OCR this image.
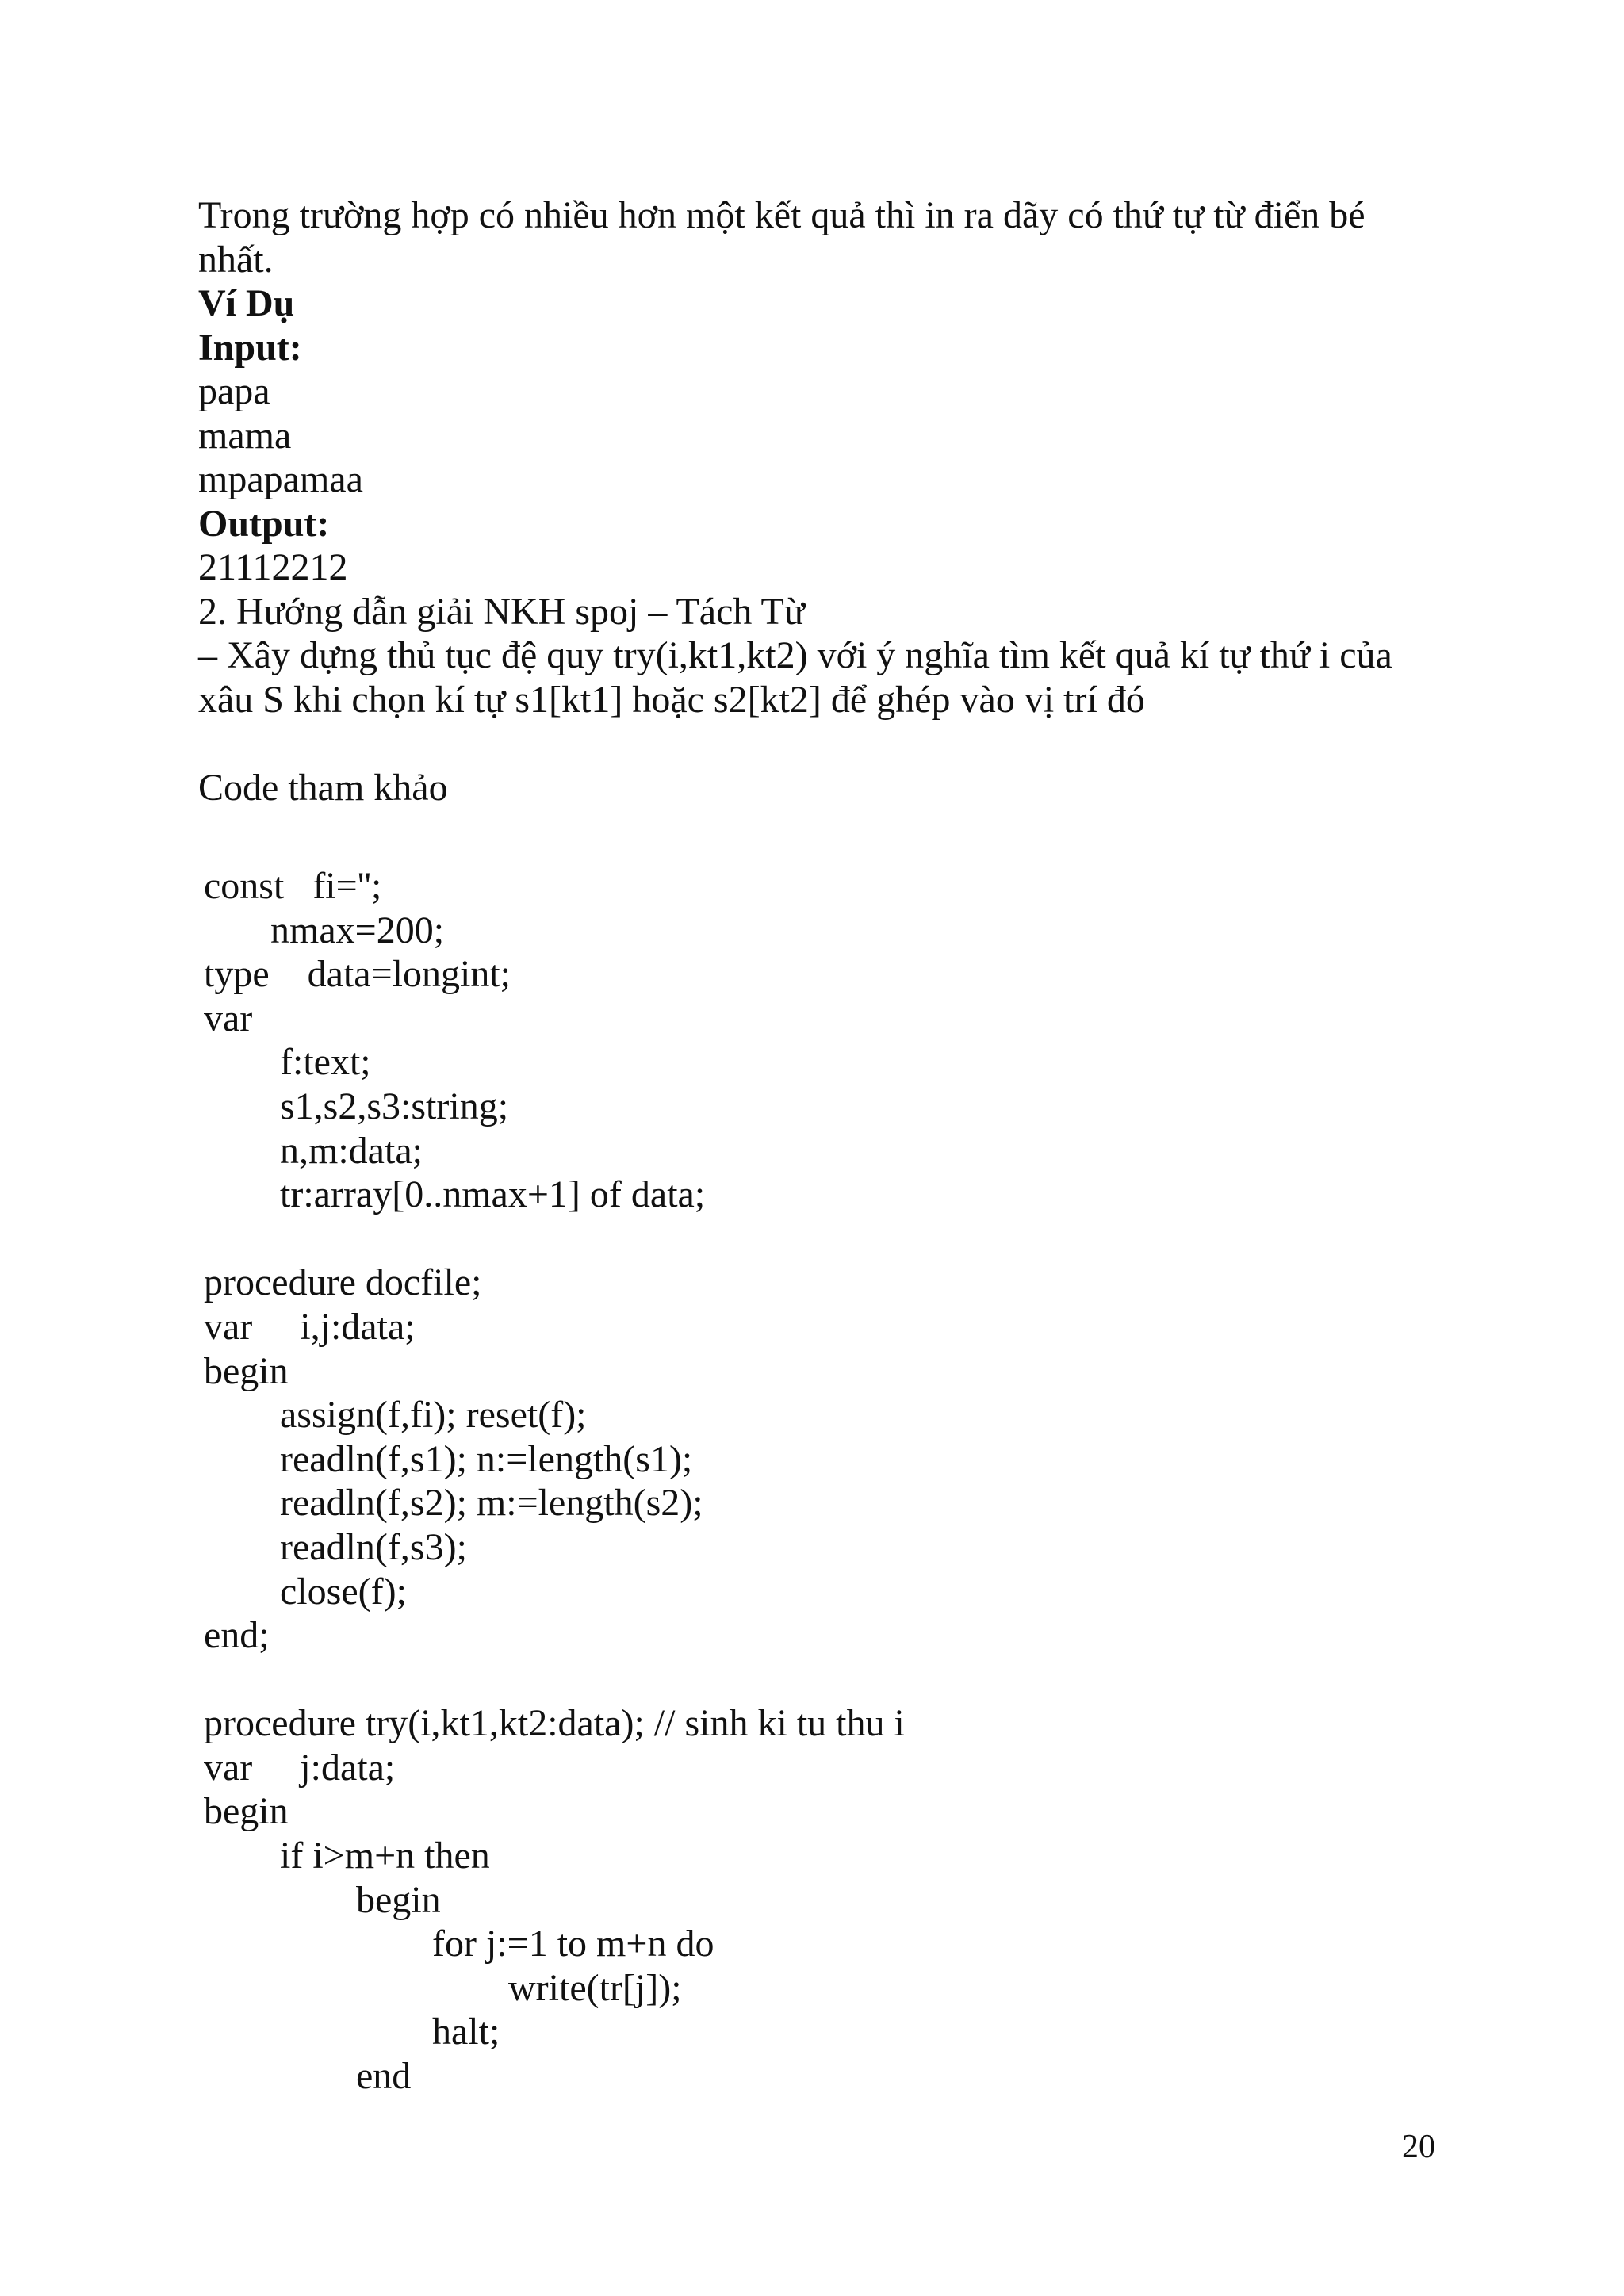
Trong trường hợp có nhiều hơn một kết quả thì in ra dãy có thứ tự từ điển bé nhất.
Ví Dụ
Input:
papa
mama
mpapamaa
Output:
21112212
2. Hướng dẫn giải NKH spoj – Tách Từ
– Xây dựng thủ tục đệ quy try(i,kt1,kt2) với ý nghĩa tìm kết quả kí tự thứ i của xâu S khi chọn kí tự s1[kt1] hoặc s2[kt2] để ghép vào vị trí đó
Code tham khảo
const   fi='';
nmax=200;
type    data=longint;
var
f:text;
s1,s2,s3:string;
n,m:data;
tr:array[0..nmax+1] of data;
procedure docfile;
var     i,j:data;
begin
assign(f,fi); reset(f);
readln(f,s1); n:=length(s1);
readln(f,s2); m:=length(s2);
readln(f,s3);
close(f);
end;
procedure try(i,kt1,kt2:data); // sinh ki tu thu i
var     j:data;
begin
if i>m+n then
begin
for j:=1 to m+n do
write(tr[j]);
halt;
end
20
